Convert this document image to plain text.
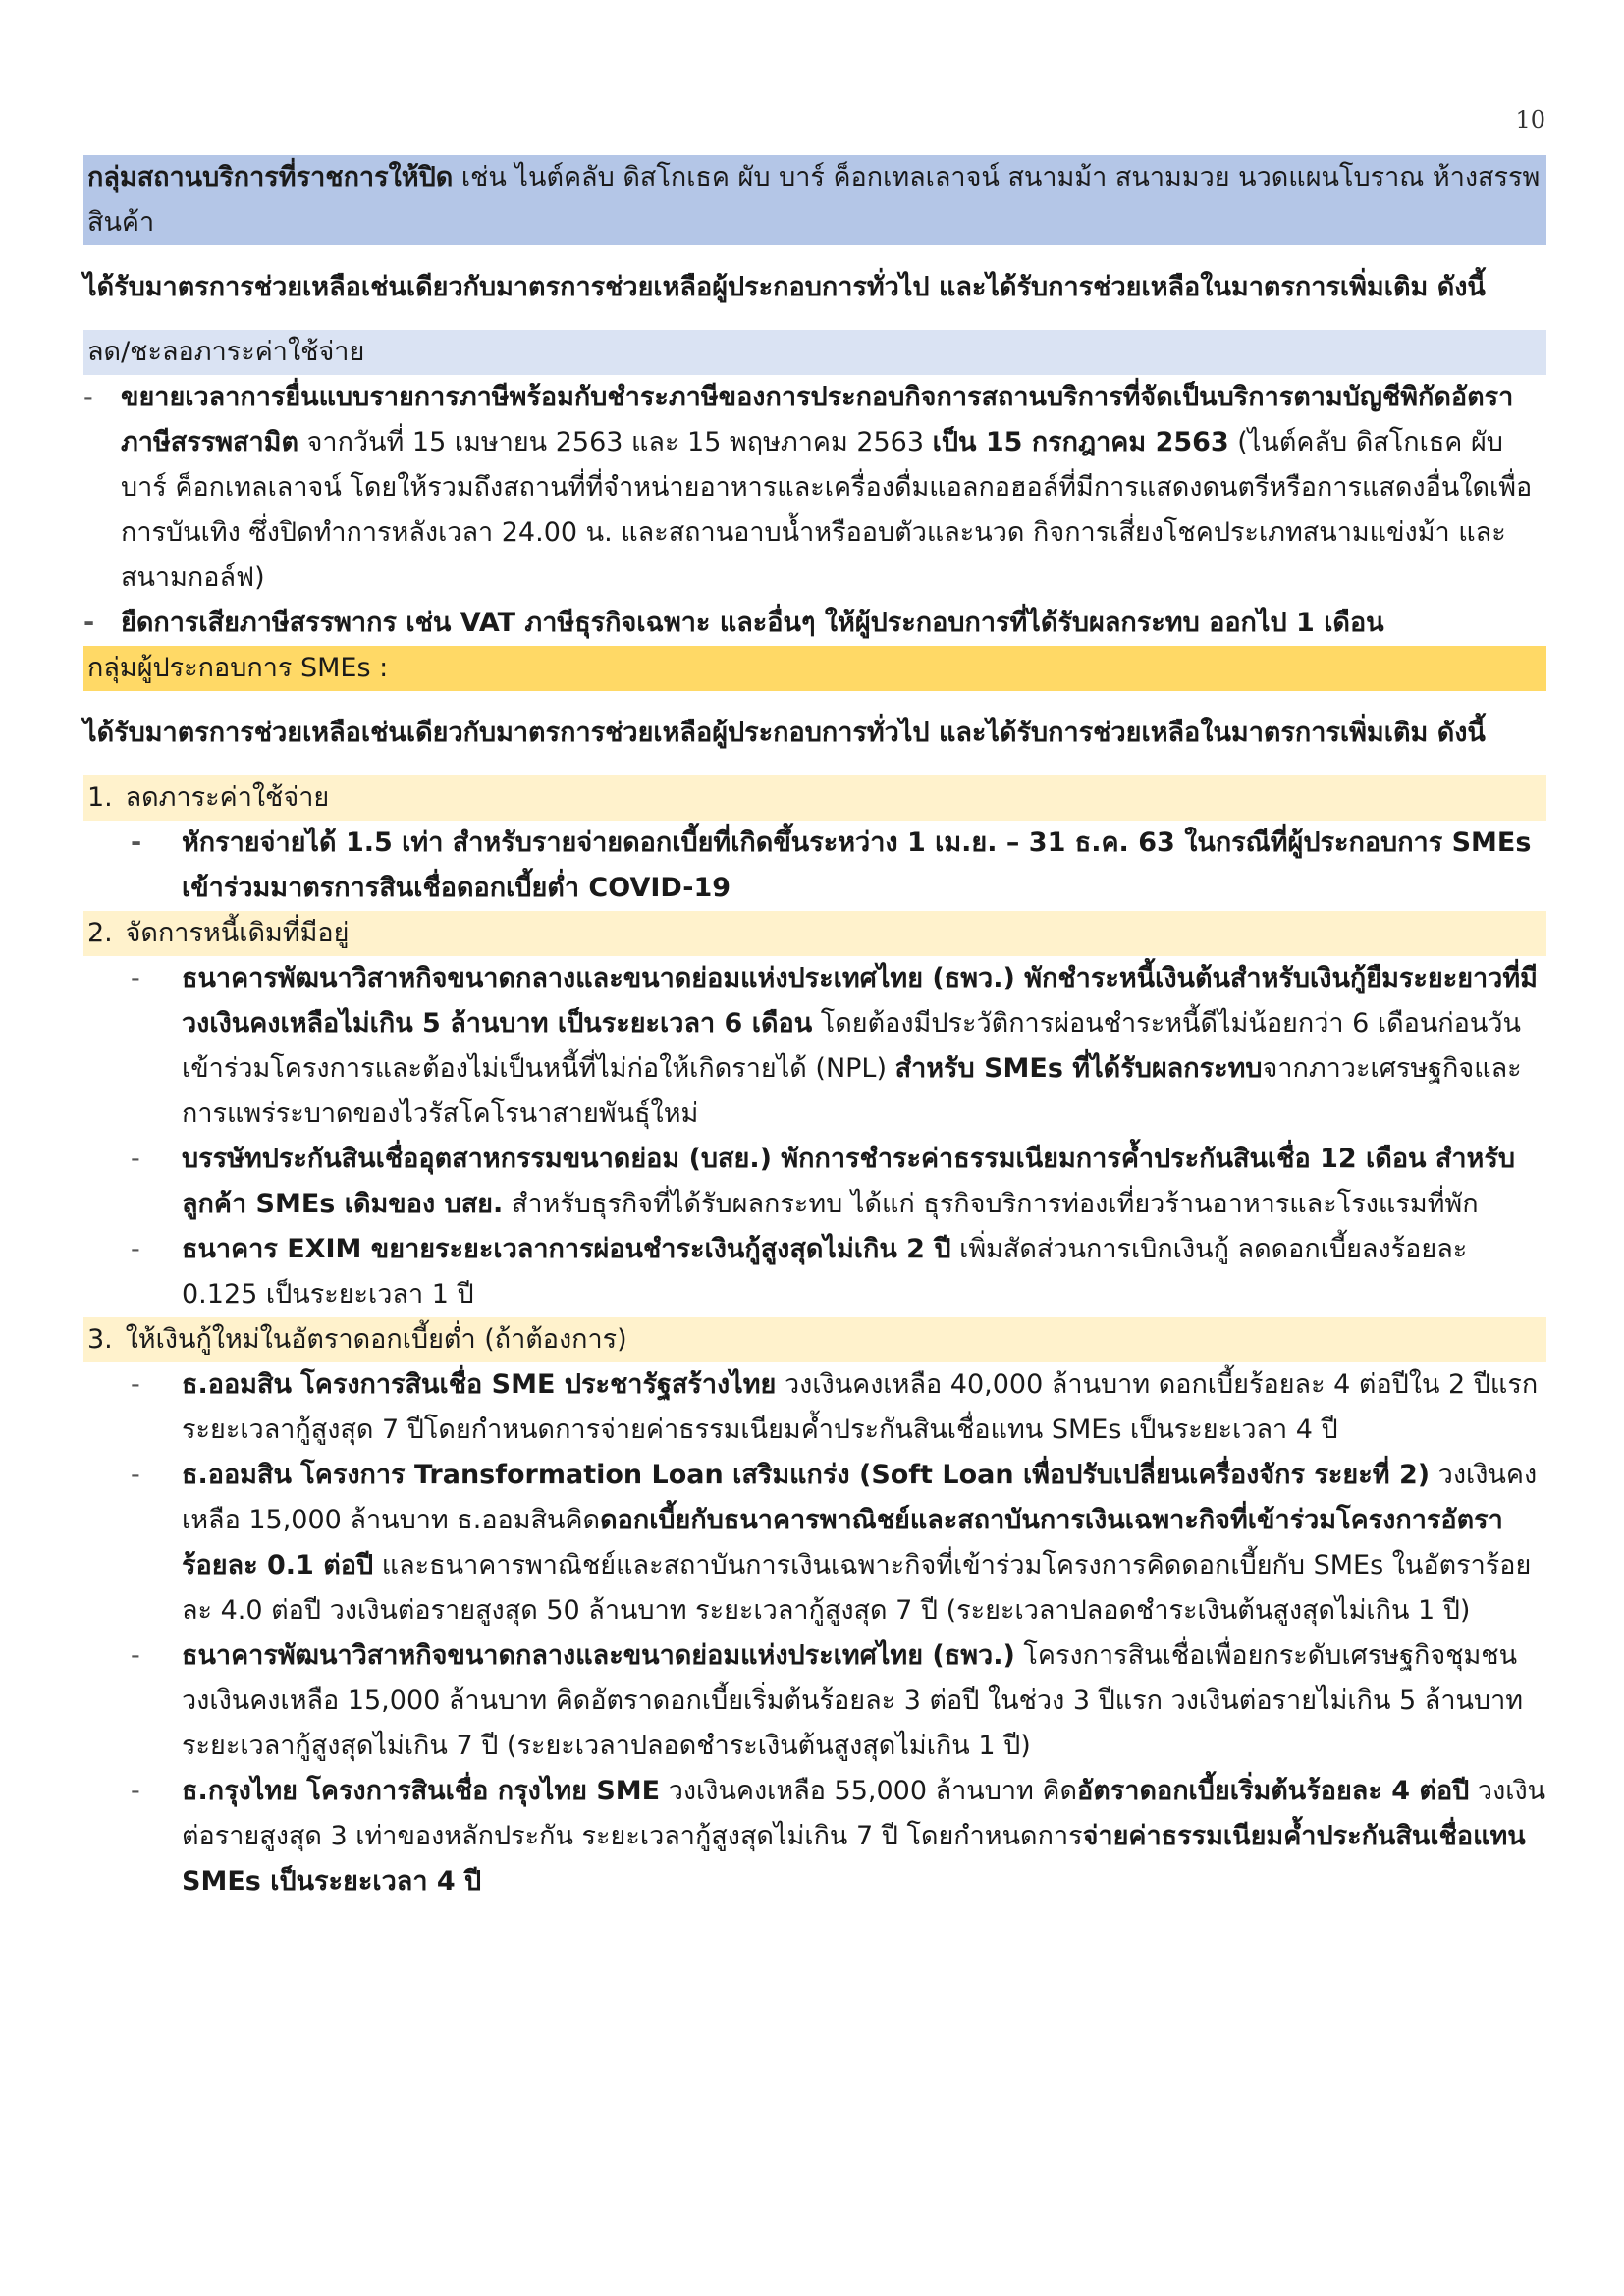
10

กลุ่มสถานบริการที่ราชการให้ปิด เช่น ไนต์คลับ ดิสโกเธค ผับ บาร์ ค็อกเทลเลาจน์ สนามม้า สนามมวย นวดแผนโบราณ ห้างสรรพสินค้า

ได้รับมาตรการช่วยเหลือเช่นเดียวกับมาตรการช่วยเหลือผู้ประกอบการทั่วไป และได้รับการช่วยเหลือในมาตรการเพิ่มเติม ดังนี้

ลด/ชะลอภาระค่าใช้จ่าย

- ขยายเวลาการยื่นแบบรายการภาษีพร้อมกับชำระภาษีของการประกอบกิจการสถานบริการที่จัดเป็นบริการตามบัญชีพิกัดอัตราภาษีสรรพสามิต จากวันที่ 15 เมษายน 2563 และ 15 พฤษภาคม 2563 เป็น 15 กรกฎาคม 2563 (ไนต์คลับ ดิสโกเธค ผับ บาร์ ค็อกเทลเลาจน์ โดยให้รวมถึงสถานที่ที่จำหน่ายอาหารและเครื่องดื่มแอลกอฮอล์ที่มีการแสดงดนตรีหรือการแสดงอื่นใดเพื่อการบันเทิง ซึ่งปิดทำการหลังเวลา 24.00 น. และสถานอาบน้ำหรืออบตัวและนวด กิจการเสี่ยงโชคประเภทสนามแข่งม้า และสนามกอล์ฟ)

- ยืดการเสียภาษีสรรพากร เช่น VAT ภาษีธุรกิจเฉพาะ และอื่นๆ ให้ผู้ประกอบการที่ได้รับผลกระทบ ออกไป 1 เดือน

กลุ่มผู้ประกอบการ SMEs :

ได้รับมาตรการช่วยเหลือเช่นเดียวกับมาตรการช่วยเหลือผู้ประกอบการทั่วไป และได้รับการช่วยเหลือในมาตรการเพิ่มเติม ดังนี้

1. ลดภาระค่าใช้จ่าย

- หักรายจ่ายได้ 1.5 เท่า สำหรับรายจ่ายดอกเบี้ยที่เกิดขึ้นระหว่าง 1 เม.ย. – 31 ธ.ค. 63 ในกรณีที่ผู้ประกอบการ SMEs เข้าร่วมมาตรการสินเชื่อดอกเบี้ยต่ำ COVID-19

2. จัดการหนี้เดิมที่มีอยู่

- ธนาคารพัฒนาวิสาหกิจขนาดกลางและขนาดย่อมแห่งประเทศไทย (ธพว.) พักชำระหนี้เงินต้นสำหรับเงินกู้ยืมระยะยาวที่มีวงเงินคงเหลือไม่เกิน 5 ล้านบาท เป็นระยะเวลา 6 เดือน โดยต้องมีประวัติการผ่อนชำระหนี้ดีไม่น้อยกว่า 6 เดือนก่อนวันเข้าร่วมโครงการและต้องไม่เป็นหนี้ที่ไม่ก่อให้เกิดรายได้ (NPL) สำหรับ SMEs ที่ได้รับผลกระทบจากภาวะเศรษฐกิจและการแพร่ระบาดของไวรัสโคโรนาสายพันธุ์ใหม่

- บรรษัทประกันสินเชื่ออุตสาหกรรมขนาดย่อม (บสย.) พักการชำระค่าธรรมเนียมการค้ำประกันสินเชื่อ 12 เดือน สำหรับลูกค้า SMEs เดิมของ บสย. สำหรับธุรกิจที่ได้รับผลกระทบ ได้แก่ ธุรกิจบริการท่องเที่ยวร้านอาหารและโรงแรมที่พัก

- ธนาคาร EXIM ขยายระยะเวลาการผ่อนชำระเงินกู้สูงสุดไม่เกิน 2 ปี เพิ่มสัดส่วนการเบิกเงินกู้ ลดดอกเบี้ยลงร้อยละ 0.125 เป็นระยะเวลา 1 ปี

3. ให้เงินกู้ใหม่ในอัตราดอกเบี้ยต่ำ (ถ้าต้องการ)

- ธ.ออมสิน โครงการสินเชื่อ SME ประชารัฐสร้างไทย วงเงินคงเหลือ 40,000 ล้านบาท ดอกเบี้ยร้อยละ 4 ต่อปีใน 2 ปีแรก ระยะเวลากู้สูงสุด 7 ปีโดยกำหนดการจ่ายค่าธรรมเนียมค้ำประกันสินเชื่อแทน SMEs เป็นระยะเวลา 4 ปี

- ธ.ออมสิน โครงการ Transformation Loan เสริมแกร่ง (Soft Loan เพื่อปรับเปลี่ยนเครื่องจักร ระยะที่ 2) วงเงินคงเหลือ 15,000 ล้านบาท ธ.ออมสินคิดดอกเบี้ยกับธนาคารพาณิชย์และสถาบันการเงินเฉพาะกิจที่เข้าร่วมโครงการอัตราร้อยละ 0.1 ต่อปี และธนาคารพาณิชย์และสถาบันการเงินเฉพาะกิจที่เข้าร่วมโครงการคิดดอกเบี้ยกับ SMEs ในอัตราร้อยละ 4.0 ต่อปี วงเงินต่อรายสูงสุด 50 ล้านบาท ระยะเวลากู้สูงสุด 7 ปี (ระยะเวลาปลอดชำระเงินต้นสูงสุดไม่เกิน 1 ปี)

- ธนาคารพัฒนาวิสาหกิจขนาดกลางและขนาดย่อมแห่งประเทศไทย (ธพว.) โครงการสินเชื่อเพื่อยกระดับเศรษฐกิจชุมชน วงเงินคงเหลือ 15,000 ล้านบาท คิดอัตราดอกเบี้ยเริ่มต้นร้อยละ 3 ต่อปี ในช่วง 3 ปีแรก วงเงินต่อรายไม่เกิน 5 ล้านบาท ระยะเวลากู้สูงสุดไม่เกิน 7 ปี (ระยะเวลาปลอดชำระเงินต้นสูงสุดไม่เกิน 1 ปี)

- ธ.กรุงไทย โครงการสินเชื่อ กรุงไทย SME วงเงินคงเหลือ 55,000 ล้านบาท คิดอัตราดอกเบี้ยเริ่มต้นร้อยละ 4 ต่อปี วงเงินต่อรายสูงสุด 3 เท่าของหลักประกัน ระยะเวลากู้สูงสุดไม่เกิน 7 ปี โดยกำหนดการจ่ายค่าธรรมเนียมค้ำประกันสินเชื่อแทน SMEs เป็นระยะเวลา 4 ปี
